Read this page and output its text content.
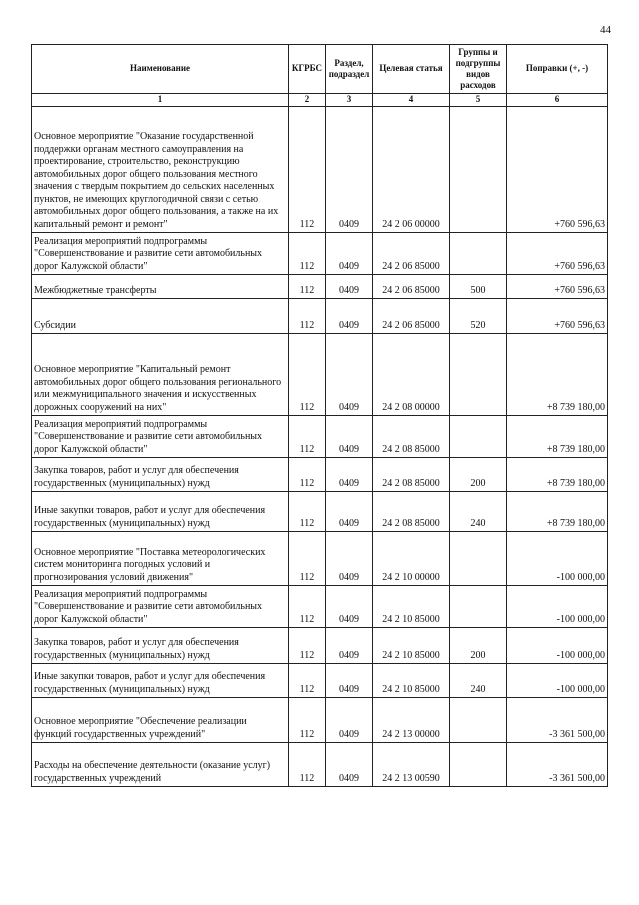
44
Наименование	КГРБС	Раздел, подраздел	Целевая статья	Группы и подгруппы видов расходов	Поправки (+, -)
1	2	3	4	5	6
Основное мероприятие "Оказание государственной поддержки органам местного самоуправления на проектирование, строительство, реконструкцию автомобильных дорог общего пользования местного значения с твердым покрытием до сельских населенных пунктов, не имеющих круглогодичной связи с сетью автомобильных дорог общего пользования, а также на их капитальный ремонт и ремонт"	112	0409	24 2 06 00000		+760 596,63
Реализация мероприятий подпрограммы "Совершенствование и развитие сети автомобильных дорог Калужской области"	112	0409	24 2 06 85000		+760 596,63
Межбюджетные трансферты	112	0409	24 2 06 85000	500	+760 596,63
Субсидии	112	0409	24 2 06 85000	520	+760 596,63
Основное мероприятие "Капитальный ремонт автомобильных дорог общего пользования регионального или межмуниципального значения и искусственных дорожных сооружений на них"	112	0409	24 2 08 00000		+8 739 180,00
Реализация мероприятий подпрограммы "Совершенствование и развитие сети автомобильных дорог Калужской области"	112	0409	24 2 08 85000		+8 739 180,00
Закупка товаров, работ и услуг для обеспечения государственных (муниципальных) нужд	112	0409	24 2 08 85000	200	+8 739 180,00
Иные закупки товаров, работ и услуг для обеспечения государственных (муниципальных) нужд	112	0409	24 2 08 85000	240	+8 739 180,00
Основное мероприятие "Поставка метеорологических систем мониторинга погодных условий и прогнозирования условий движения"	112	0409	24 2 10 00000		-100 000,00
Реализация мероприятий подпрограммы "Совершенствование и развитие сети автомобильных дорог Калужской области"	112	0409	24 2 10 85000		-100 000,00
Закупка товаров, работ и услуг для обеспечения государственных (муниципальных) нужд	112	0409	24 2 10 85000	200	-100 000,00
Иные закупки товаров, работ и услуг для обеспечения государственных (муниципальных) нужд	112	0409	24 2 10 85000	240	-100 000,00
Основное мероприятие "Обеспечение реализации функций государственных учреждений"	112	0409	24 2 13 00000		-3 361 500,00
Расходы на обеспечение деятельности (оказание услуг) государственных учреждений	112	0409	24 2 13 00590		-3 361 500,00
